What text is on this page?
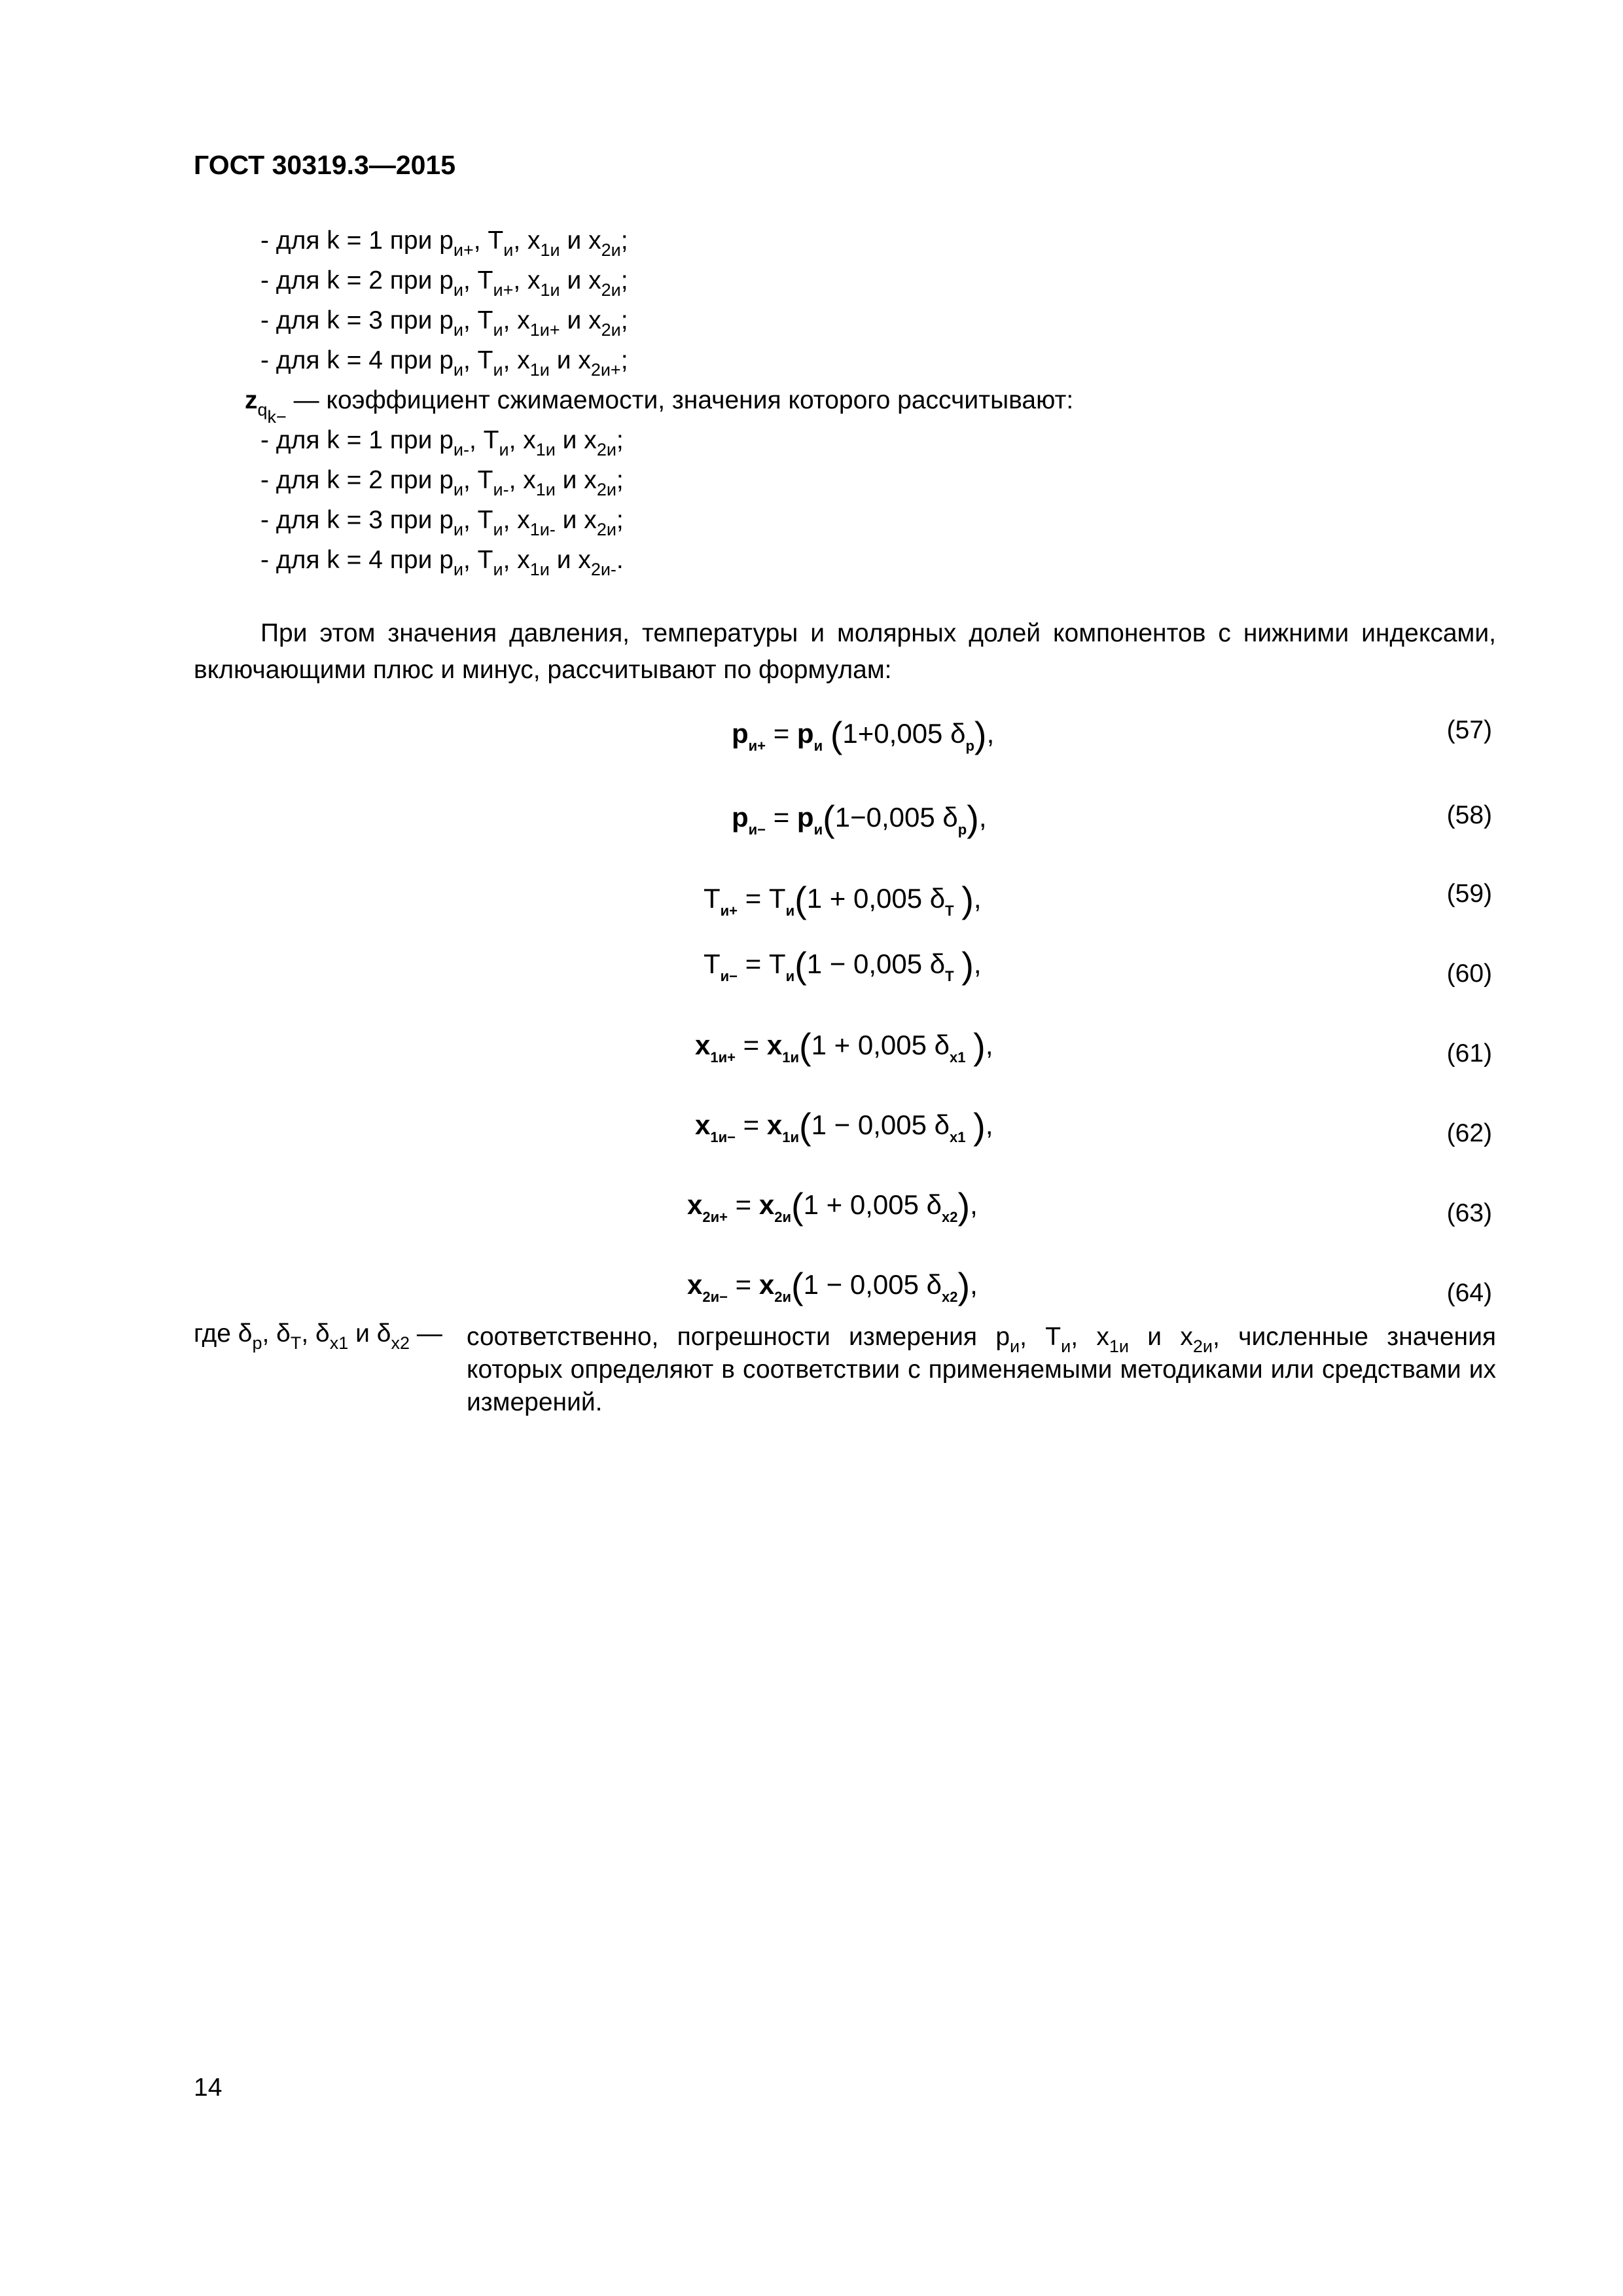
ГОСТ 30319.3—2015
- для k = 1 при $p_{и+}$, $T_и$, $x_{1и}$ и $x_{2и}$;
- для k = 2 при $p_и$, $T_{и+}$, $x_{1и}$ и $x_{2и}$;
- для k = 3 при $p_и$, $T_и$, $x_{1и+}$ и $x_{2и}$;
- для k = 4 при $p_и$, $T_и$, $x_{1и}$ и $x_{2и+}$;
$z_{q_{k-}}$ — коэффициент сжимаемости, значения которого рассчитывают:
- для k = 1 при $p_{и-}$, $T_и$, $x_{1и}$ и $x_{2и}$;
- для k = 2 при $p_и$, $T_{и-}$, $x_{1и}$ и $x_{2и}$;
- для k = 3 при $p_и$, $T_и$, $x_{1и-}$ и $x_{2и}$;
- для k = 4 при $p_и$, $T_и$, $x_{1и}$ и $x_{2и-}$.
При этом значения давления, температуры и молярных долей компонентов с нижними индексами, включающими плюс и минус, рассчитывают по формулам:
$p_{и+} = p_и$ (1+0,005 $\delta_p$),	(57)
$p_{и-} = p_и(1-0,005$ $\delta_p$),	(58)
$T_{и+} = T_и(1 + 0,005$ $\delta_T$ ),	(59)
$T_{и-} = T_и(1 - 0,005$ $\delta_T$ ),	(60)
$x_{1и+} = x_{1и}(1 + 0,005$ $\delta_{x1}$ ),	(61)
$x_{1и-} = x_{1и}(1 - 0,005$ $\delta_{x1}$ ),	(62)
$x_{2и+} = x_{2и}(1 + 0,005$ $\delta_{x2}$),	(63)
$x_{2и-} = x_{2и}(1 - 0,005$ $\delta_{x2}$),	(64)
где $\delta_p$, $\delta_T$, $\delta_{x1}$ и $\delta_{x2}$ — соответственно, погрешности измерения $p_и$, $T_и$, $x_{1и}$ и $x_{2и}$, численные значения которых определяют в соответствии с применяемыми методиками или средствами их измерений.
14
